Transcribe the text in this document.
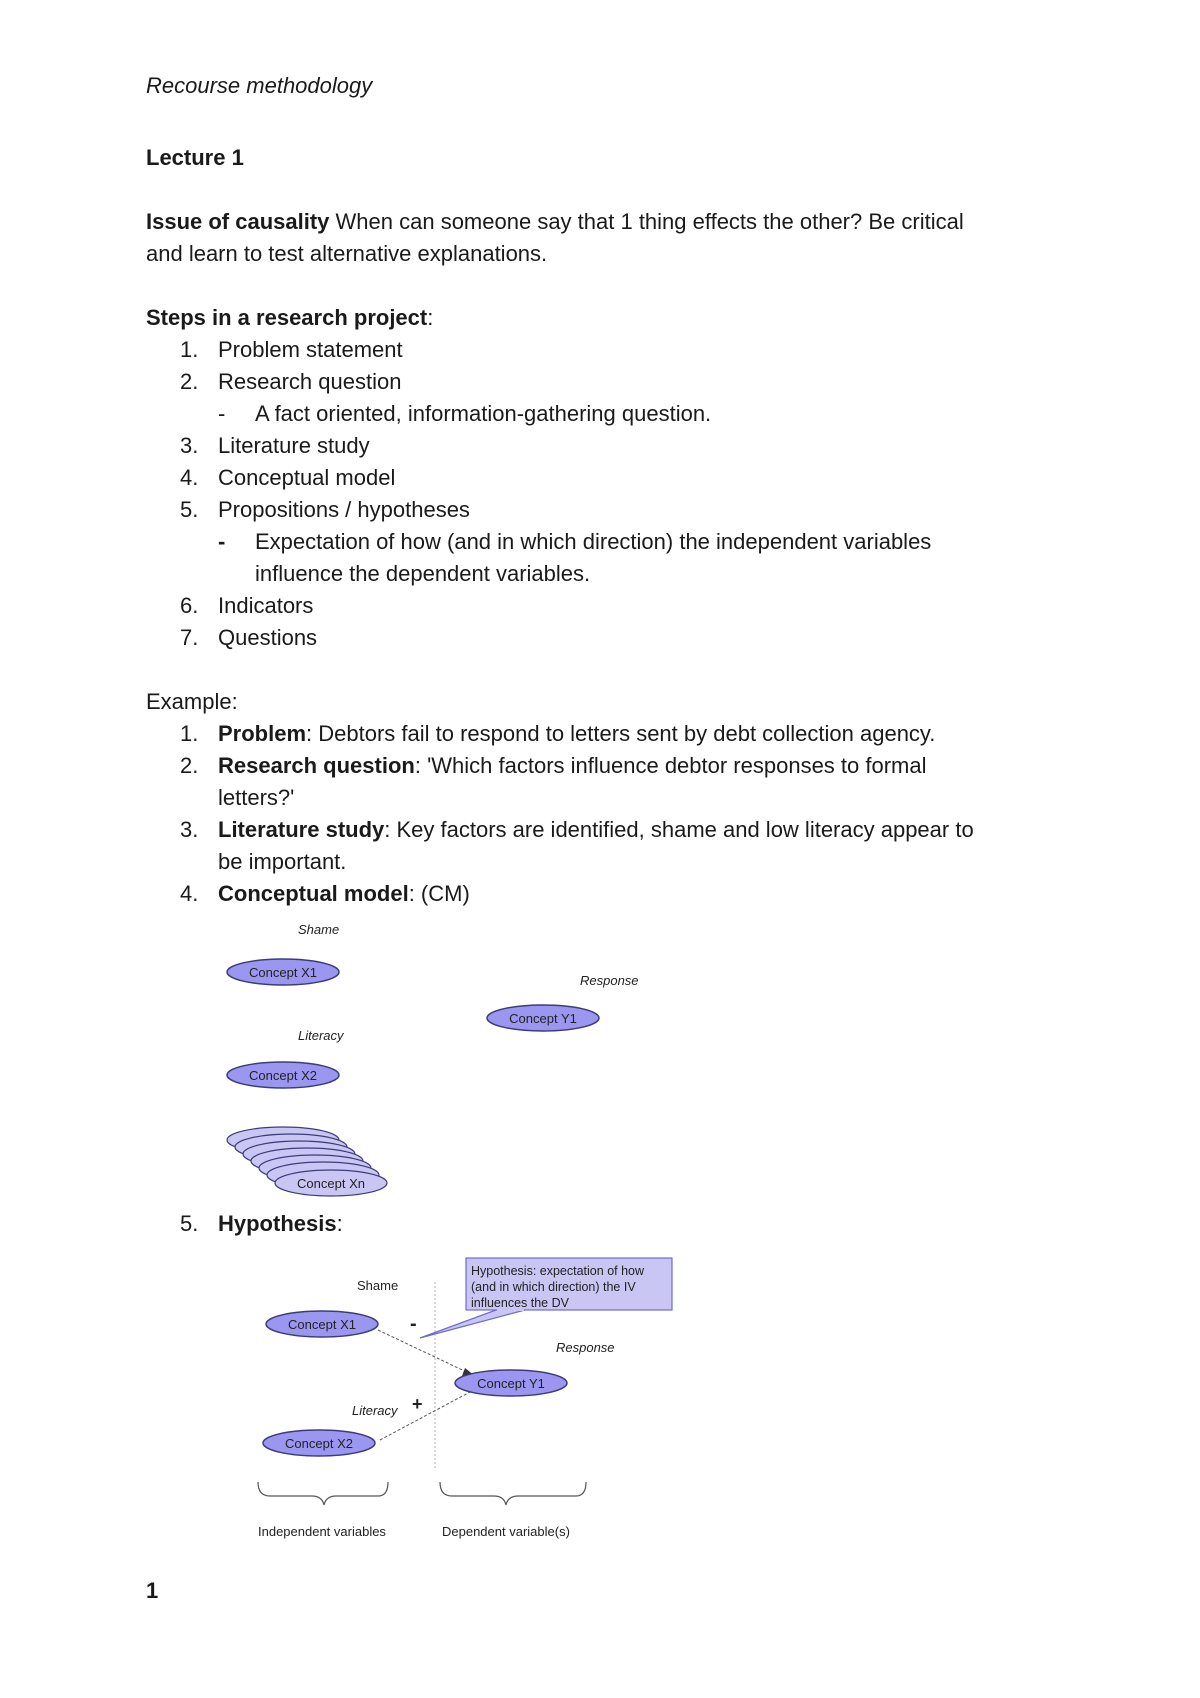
Recourse methodology

Lecture 1

Issue of causality When can someone say that 1 thing effects the other? Be critical

and learn to test alternative explanations.

Steps in a research project:

1. Problem statement

2. Research question

- A fact oriented, information-gathering question.

3. Literature study

4. Conceptual model

5. Propositions / hypotheses

- Expectation of how (and in which direction) the independent variables

influence the dependent variables.

6. Indicators

7. Questions

Example:

1. Problem: Debtors fail to respond to letters sent by debt collection agency.

2. Research question: 'Which factors influence debtor responses to formal

letters?'

3. Literature study: Key factors are identified, shame and low literacy appear to

be important.

4. Conceptual model: (CM)

Shame
Concept X1
Response
Concept Y1
Literacy
Concept X2
Concept Xn

5. Hypothesis:

Hypothesis: expectation of how
(and in which direction) the IV
influences the DV
Shame
Response
Literacy
-
+
Concept X1
Concept Y1
Concept X2
Independent variables	Dependent variable(s)
1
